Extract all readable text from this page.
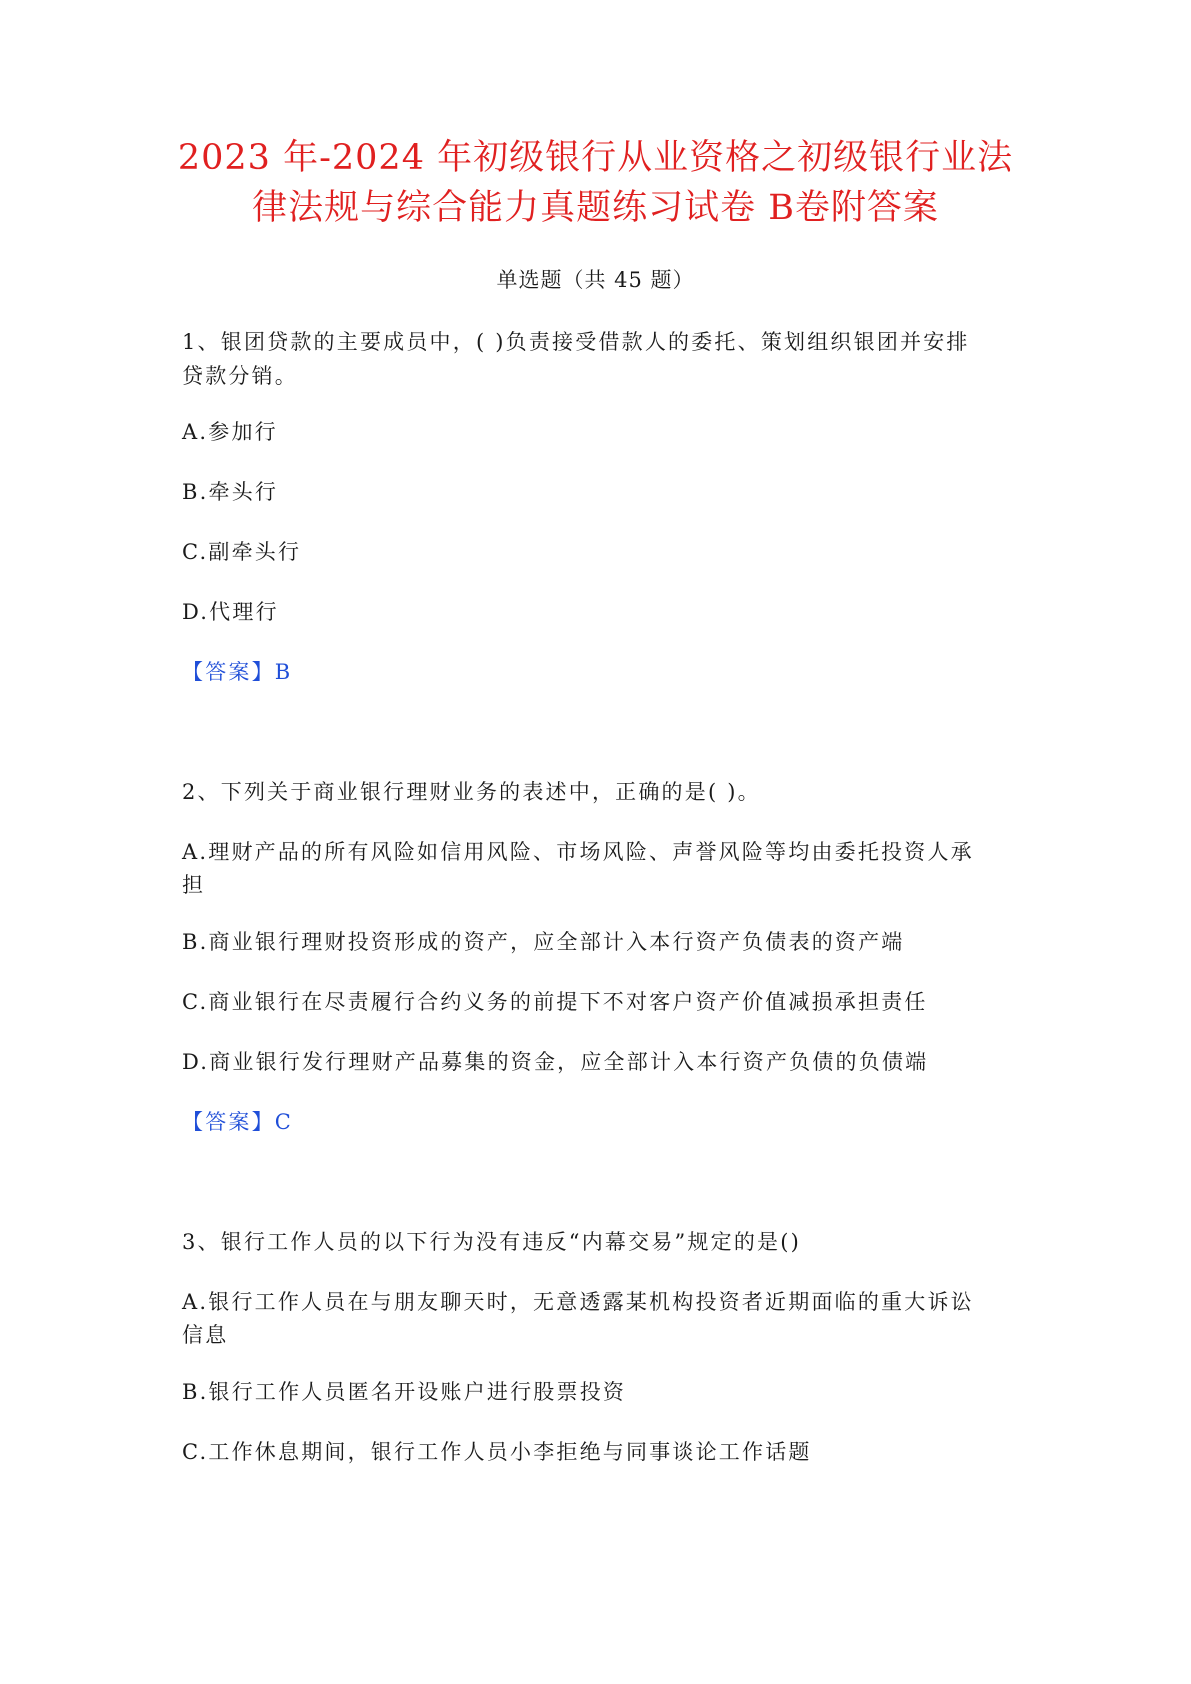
2023 年-2024 年初级银行从业资格之初级银行业法
律法规与综合能力真题练习试卷 B卷附答案
单选题（共 45 题）
1、银团贷款的主要成员中，( )负责接受借款人的委托、策划组织银团并安排
贷款分销。
A.参加行
B.牵头行
C.副牵头行
D.代理行
【答案】B
2、下列关于商业银行理财业务的表述中，正确的是( )。
A.理财产品的所有风险如信用风险、市场风险、声誉风险等均由委托投资人承
担
B.商业银行理财投资形成的资产，应全部计入本行资产负债表的资产端
C.商业银行在尽责履行合约义务的前提下不对客户资产价值减损承担责任
D.商业银行发行理财产品募集的资金，应全部计入本行资产负债的负债端
【答案】C
3、银行工作人员的以下行为没有违反“内幕交易”规定的是()
A.银行工作人员在与朋友聊天时，无意透露某机构投资者近期面临的重大诉讼
信息
B.银行工作人员匿名开设账户进行股票投资
C.工作休息期间，银行工作人员小李拒绝与同事谈论工作话题
